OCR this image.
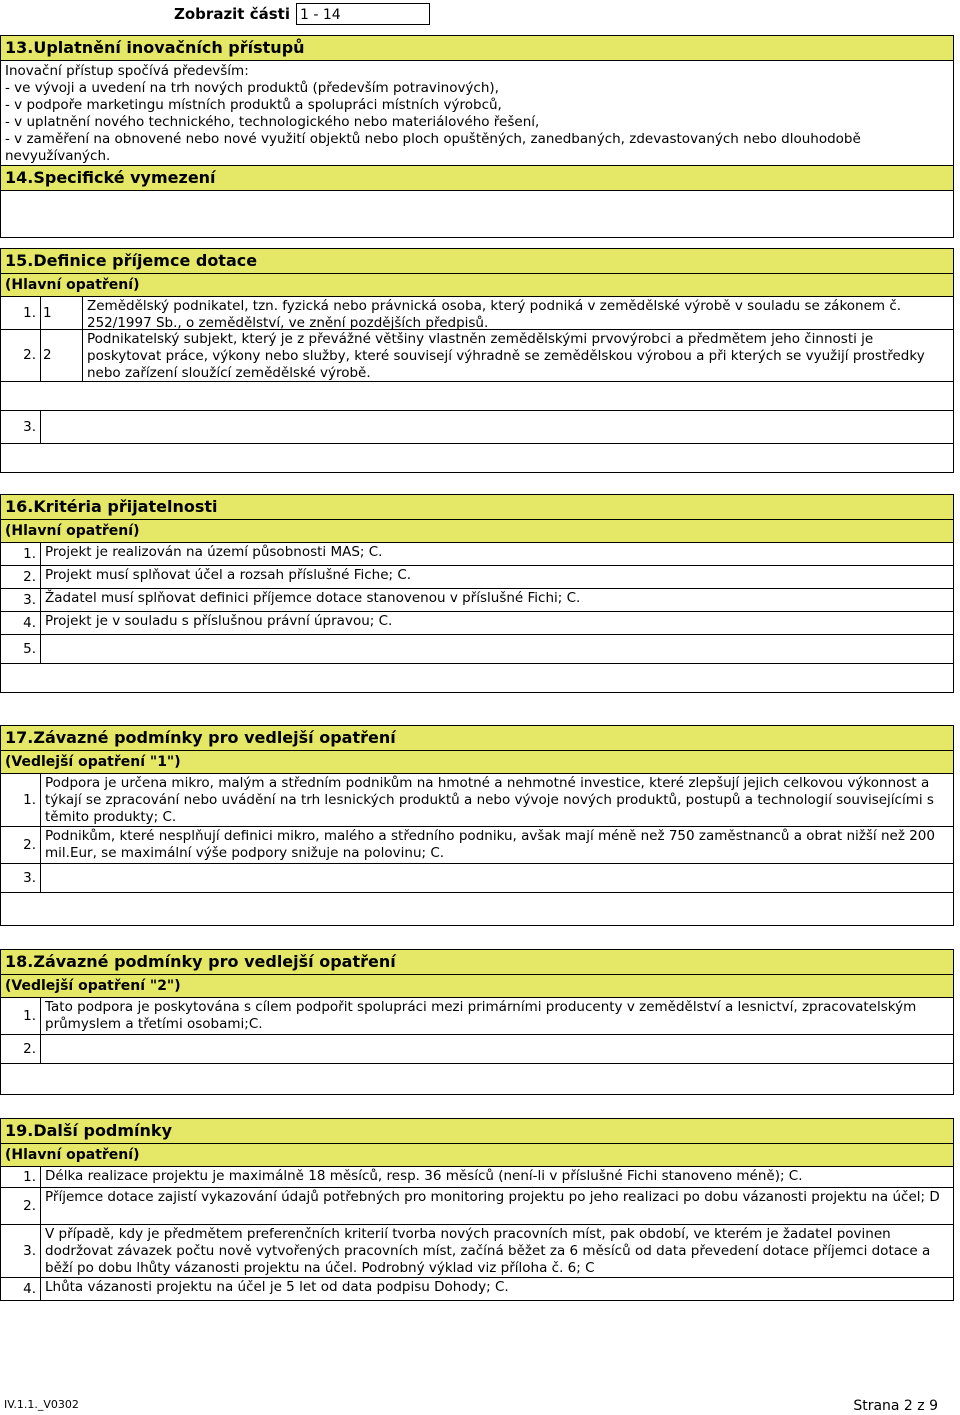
Zobrazit části 1 - 14
13.Uplatnění inovačních přístupů
Inovační přístup spočívá především:
- ve vývoji a uvedení na trh nových produktů (především potravinových),
- v podpoře marketingu místních produktů a spolupráci místních výrobců,
- v uplatnění nového technického, technologického nebo materiálového řešení,
- v zaměření na obnovené nebo nové využití objektů nebo ploch opuštěných, zanedbaných, zdevastovaných nebo dlouhodobě nevyužívaných.
14.Specifické vymezení
15.Definice příjemce dotace
(Hlavní opatření)
1. 1	Zemědělský podnikatel, tzn. fyzická nebo právnická osoba, který podniká v zemědělské výrobě v souladu se zákonem č. 252/1997 Sb., o zemědělství, ve znění pozdějších předpisů.
2. 2
Podnikatelský subjekt, který je z převážné většiny vlastněn zemědělskými prvovýrobci a předmětem jeho činnosti je poskytovat práce, výkony nebo služby, které souvisejí výhradně se zemědělskou výrobou a při kterých se využijí prostředky nebo zařízení sloužící zemědělské výrobě.
3.
16.Kritéria přijatelnosti
(Hlavní opatření)
1. Projekt je realizován na území působnosti MAS; C.
2. Projekt musí splňovat účel a rozsah příslušné Fiche; C.
3. Žadatel musí splňovat definici příjemce dotace stanovenou v příslušné Fichi; C.
4. Projekt je v souladu s příslušnou právní úpravou; C.
5.
17.Závazné podmínky pro vedlejší opatření
(Vedlejší opatření "1")
1.
Podpora je určena mikro, malým a středním podnikům na hmotné a nehmotné investice, které zlepšují jejich celkovou výkonnost a týkají se zpracování nebo uvádění na trh lesnických produktů a nebo vývoje nových produktů, postupů a technologií souvisejícími s těmito produkty; C.
2.
Podnikům, které nesplňují definici mikro, malého a středního podniku, avšak mají méně než 750 zaměstnanců a obrat nižší než 200 mil.Eur, se maximální výše podpory snižuje na polovinu; C.
3.
18.Závazné podmínky pro vedlejší opatření
(Vedlejší opatření "2")
1.
Tato podpora je poskytována s cílem podpořit spolupráci mezi primárními producenty v zemědělství a lesnictví, zpracovatelským průmyslem a třetími osobami;C.
2.
19.Další podmínky
(Hlavní opatření)
1. Délka realizace projektu je maximálně 18 měsíců, resp. 36 měsíců (není-li v příslušné Fichi stanoveno méně); C.
2.
Příjemce dotace zajistí vykazování údajů potřebných pro monitoring projektu po jeho realizaci po dobu vázanosti projektu na účel; D
3.
V případě, kdy je předmětem preferenčních kriterií tvorba nových pracovních míst, pak období, ve kterém je žadatel povinen dodržovat závazek počtu nově vytvořených pracovních míst, začíná běžet za 6 měsíců od data převedení dotace příjemci dotace a běží po dobu lhůty vázanosti projektu na účel. Podrobný výklad viz příloha č. 6; C
4. Lhůta vázanosti projektu na účel je 5 let od data podpisu Dohody; C.
IV.1.1._V0302	Strana 2 z 9
